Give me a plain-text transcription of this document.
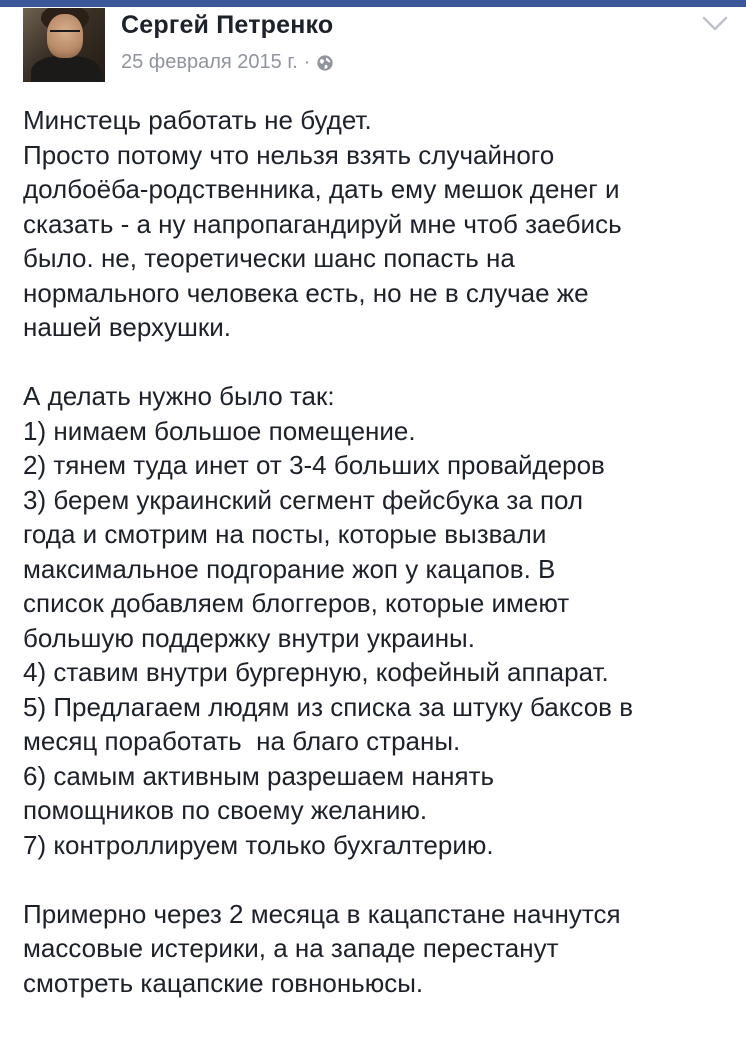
Сергей Петренко
25 февраля 2015 г. ·

Минстець работать не будет.

Просто потому что нельзя взять случайного

долбоёба-родственника, дать ему мешок денег и

сказать - а ну напропагандируй мне чтоб заебись

было. не, теоретически шанс попасть на

нормального человека есть, но не в случае же

нашей верхушки.

А делать нужно было так:

1) нимаем большое помещение.

2) тянем туда инет от 3-4 больших провайдеров

3) берем украинский сегмент фейсбука за пол

года и смотрим на посты, которые вызвали

максимальное подгорание жоп у кацапов. В

список добавляем блоггеров, которые имеют

большую поддержку внутри украины.

4) ставим внутри бургерную, кофейный аппарат.

5) Предлагаем людям из списка за штуку баксов в

месяц поработать  на благо страны.

6) самым активным разрешаем нанять

помощников по своему желанию.

7) контроллируем только бухгалтерию.

Примерно через 2 месяца в кацапстане начнутся

массовые истерики, а на западе перестанут

смотреть кацапские говноньюсы.
